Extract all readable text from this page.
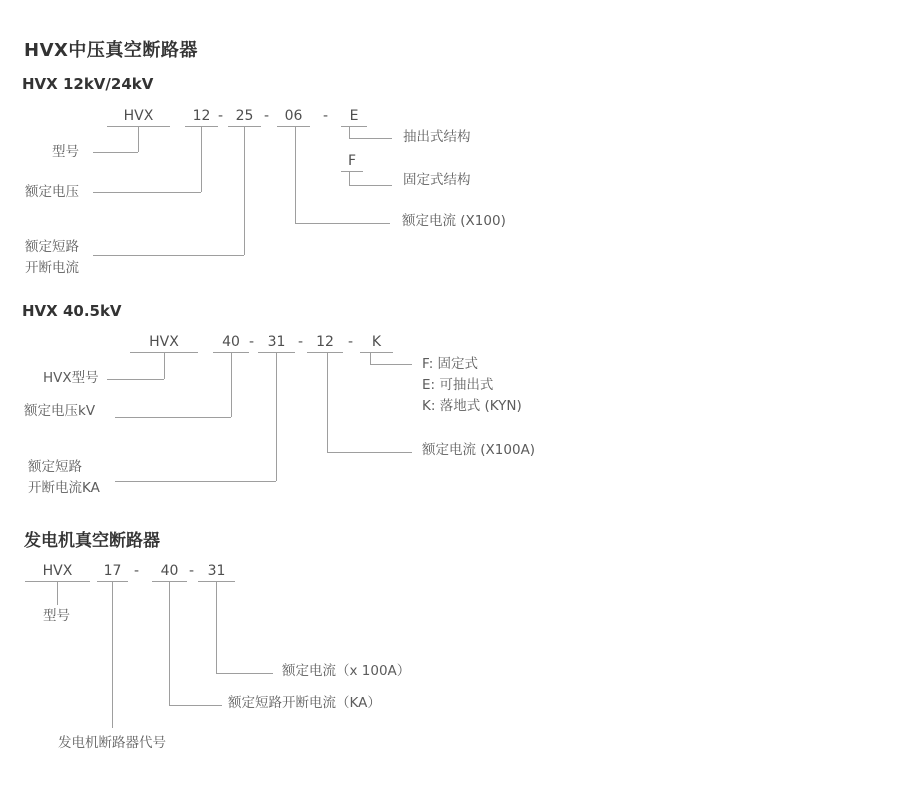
HVX中压真空断路器
HVX 12kV/24kV
HVX	12 - 25 -	06	-	E
F
型号
额定电压
额定短路
开断电流
抽出式结构
固定式结构
额定电流 (X100)
HVX 40.5kV
HVX	40 - 31 - 12	-	K
HVX型号
额定电压kV
额定短路
开断电流KA
F: 固定式
E: 可抽出式
K: 落地式 (KYN)
额定电流 (X100A)
发电机真空断路器
HVX	17 -	40 - 31
型号
额定电流（x 100A）
额定短路开断电流（KA）
发电机断路器代号
